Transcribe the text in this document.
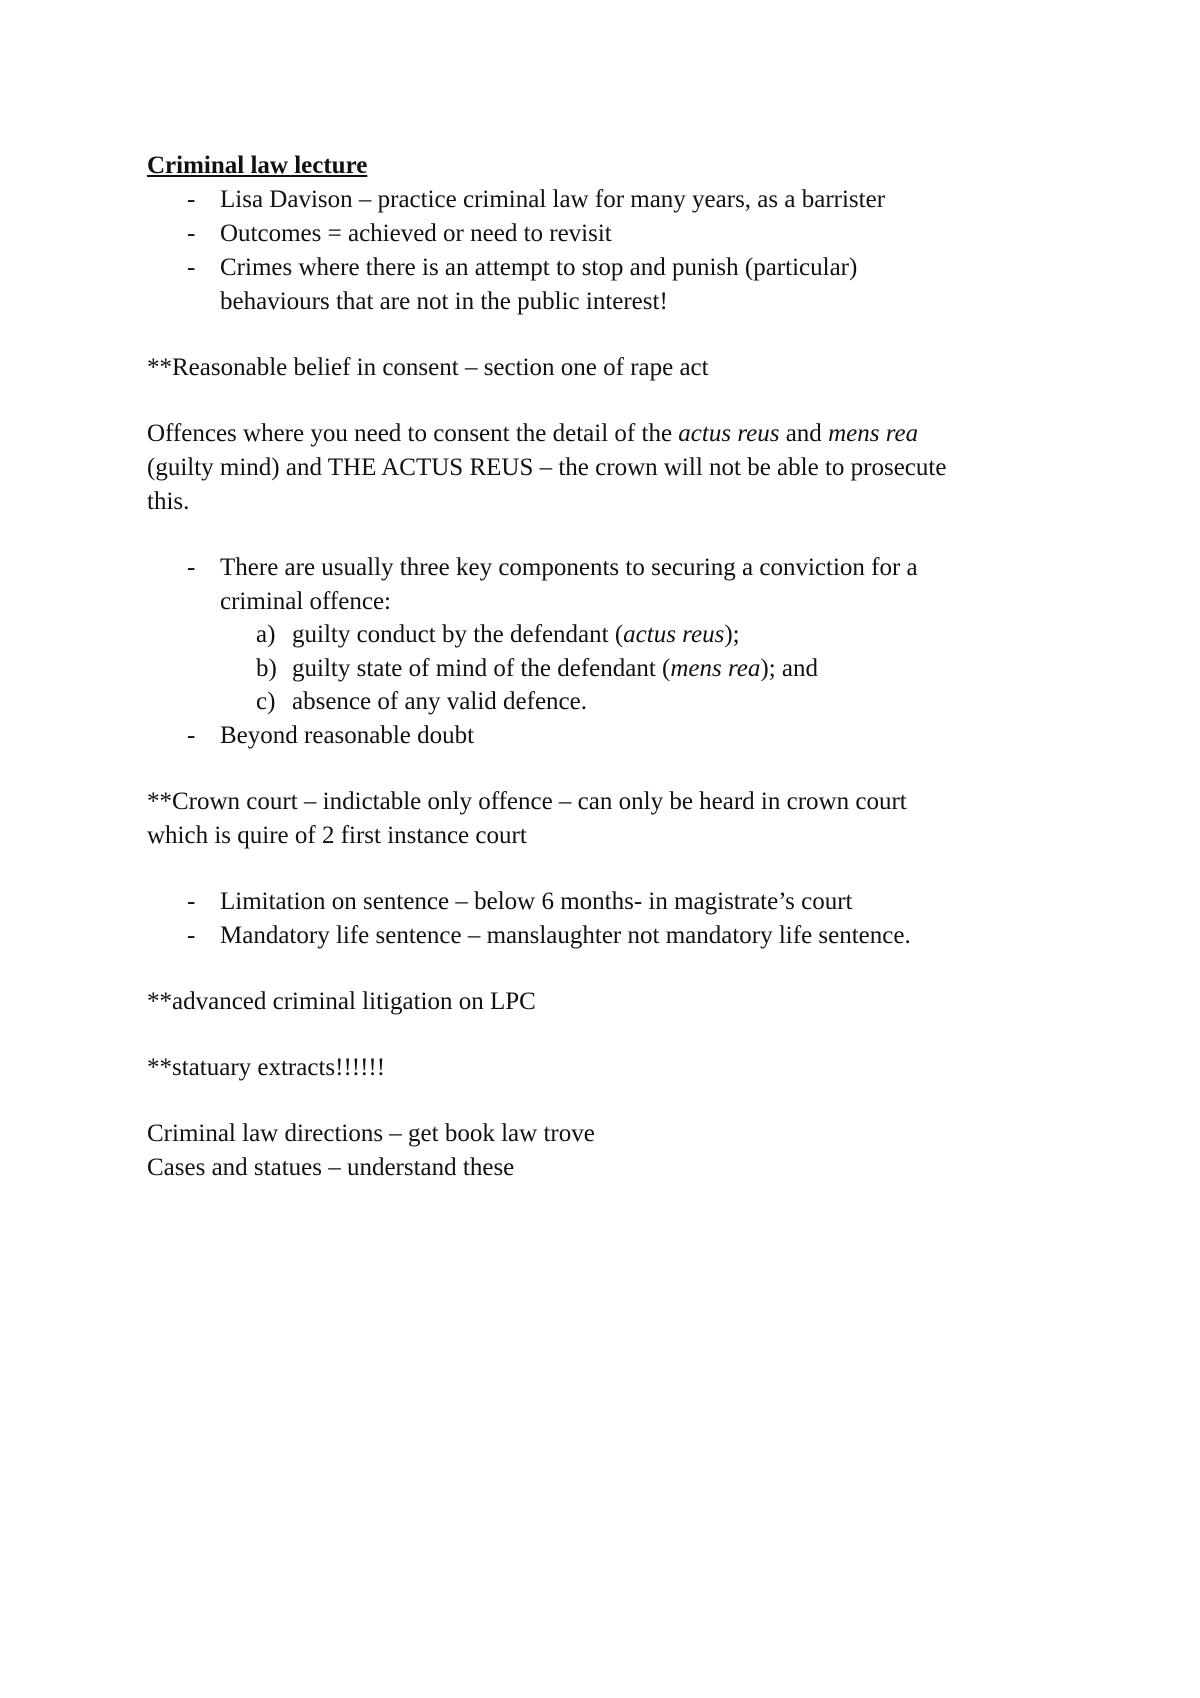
Criminal law lecture
- Lisa Davison – practice criminal law for many years, as a barrister
- Outcomes = achieved or need to revisit
- Crimes where there is an attempt to stop and punish (particular)
behaviours that are not in the public interest!
**Reasonable belief in consent – section one of rape act
Offences where you need to consent the detail of the actus reus and mens rea
(guilty mind) and THE ACTUS REUS – the crown will not be able to prosecute
this.
- There are usually three key components to securing a conviction for a
criminal offence:
a) guilty conduct by the defendant (actus reus);
b) guilty state of mind of the defendant (mens rea); and
c) absence of any valid defence.
- Beyond reasonable doubt
**Crown court – indictable only offence – can only be heard in crown court
which is quire of 2 first instance court
- Limitation on sentence – below 6 months- in magistrate’s court
- Mandatory life sentence – manslaughter not mandatory life sentence.
**advanced criminal litigation on LPC
**statuary extracts!!!!!!
Criminal law directions – get book law trove
Cases and statues – understand these
